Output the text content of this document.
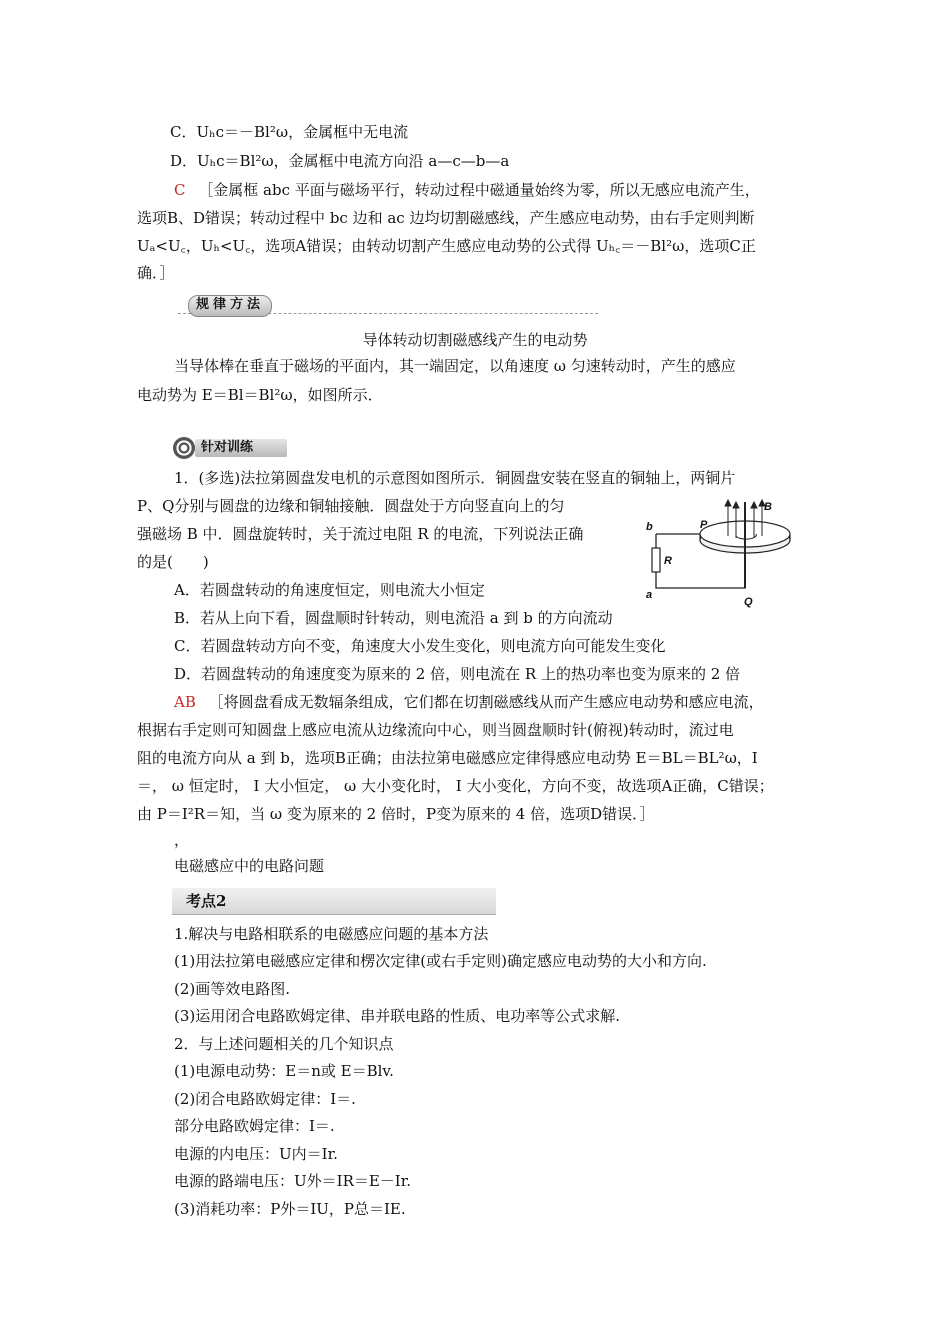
C．Uₕᴄ＝－Bl²ω，金属框中无电流
D．Uₕᴄ＝Bl²ω，金属框中电流方向沿 a—c—b—a
C ［金属框 abc 平面与磁场平行，转动过程中磁通量始终为零，所以无感应电流产生，
选项B、D错误；转动过程中 bc 边和 ac 边均切割磁感线，产生感应电动势，由右手定则判断
Uₐ<U꜀，Uₕ<U꜀，选项A错误；由转动切割产生感应电动势的公式得 Uₕ꜀＝－Bl²ω，选项C正
确．］
规律方法
导体转动切割磁感线产生的电动势
当导体棒在垂直于磁场的平面内，其一端固定，以角速度 ω 匀速转动时，产生的感应
电动势为 E＝Bl＝Bl²ω，如图所示．
针对训练
1．(多选)法拉第圆盘发电机的示意图如图所示．铜圆盘安装在竖直的铜轴上，两铜片
P、Q分别与圆盘的边缘和铜轴接触．圆盘处于方向竖直向上的匀
强磁场 B 中．圆盘旋转时，关于流过电阻 R 的电流，下列说法正确
的是(　　)
b
R
a
P
Q
B
A．若圆盘转动的角速度恒定，则电流大小恒定
B．若从上向下看，圆盘顺时针转动，则电流沿 a 到 b 的方向流动
C．若圆盘转动方向不变，角速度大小发生变化，则电流方向可能发生变化
D．若圆盘转动的角速度变为原来的 2 倍，则电流在 R 上的热功率也变为原来的 2 倍
AB ［将圆盘看成无数辐条组成，它们都在切割磁感线从而产生感应电动势和感应电流，
根据右手定则可知圆盘上感应电流从边缘流向中心，则当圆盘顺时针(俯视)转动时，流过电
阻的电流方向从 a 到 b，选项B正确；由法拉第电磁感应定律得感应电动势 E＝BL＝BL²ω，I
＝， ω 恒定时， I 大小恒定， ω 大小变化时， I 大小变化，方向不变，故选项A正确，C错误；
由 P＝I²R＝知，当 ω 变为原来的 2 倍时，P变为原来的 4 倍，选项D错误．］
，
电磁感应中的电路问题
考点2
1.解决与电路相联系的电磁感应问题的基本方法
(1)用法拉第电磁感应定律和楞次定律(或右手定则)确定感应电动势的大小和方向.
(2)画等效电路图.
(3)运用闭合电路欧姆定律、串并联电路的性质、电功率等公式求解.
2．与上述问题相关的几个知识点
(1)电源电动势：E＝n或 E＝Blv.
(2)闭合电路欧姆定律：I＝.
部分电路欧姆定律：I＝.
电源的内电压：U内＝Ir.
电源的路端电压：U外＝IR＝E－Ir.
(3)消耗功率：P外＝IU，P总＝IE.
